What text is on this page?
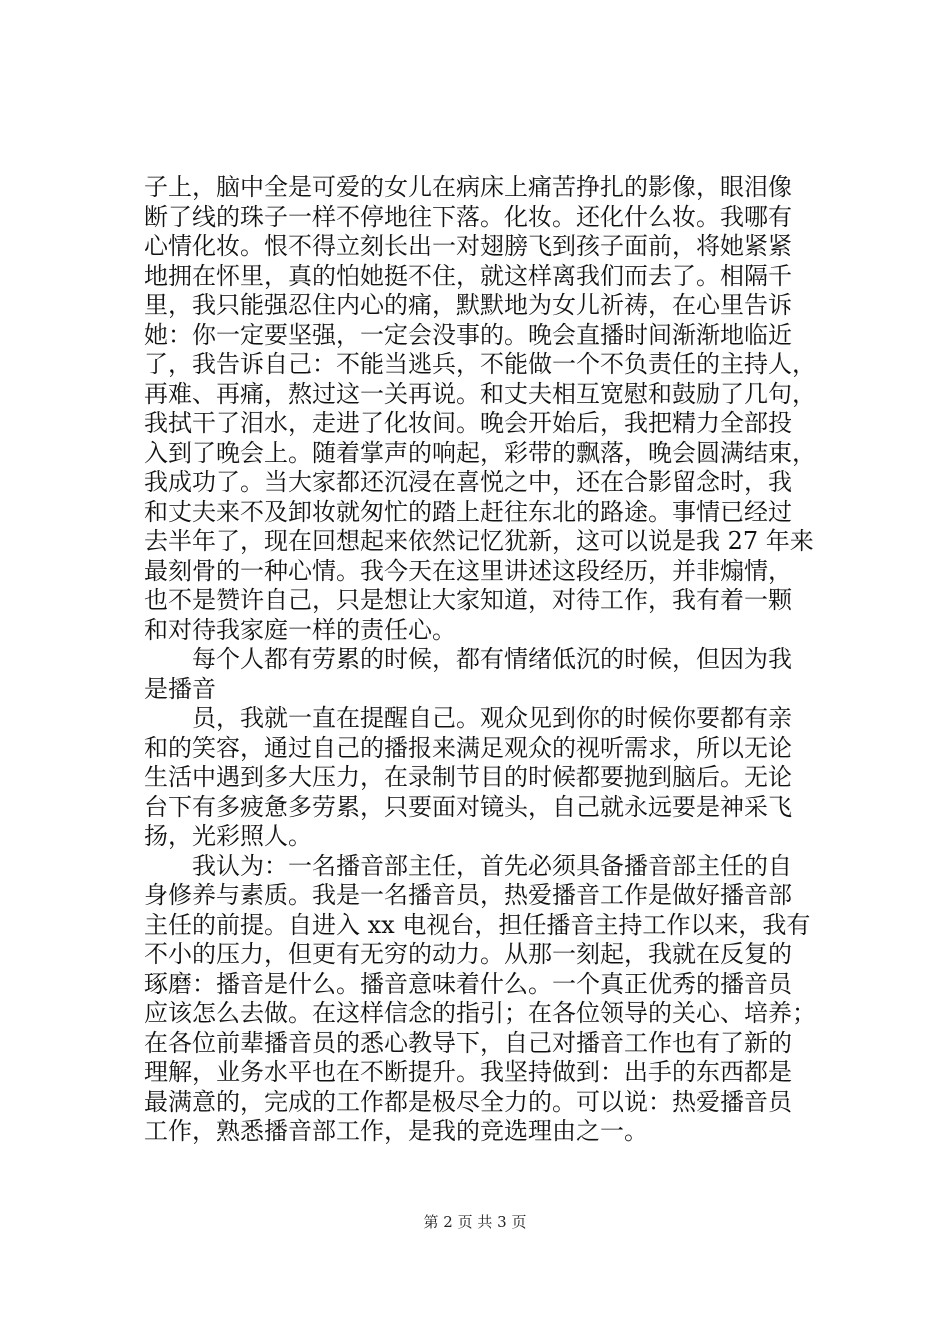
子上，脑中全是可爱的女儿在病床上痛苦挣扎的影像，眼泪像
断了线的珠子一样不停地往下落。化妆。还化什么妆。我哪有
心情化妆。恨不得立刻长出一对翅膀飞到孩子面前，将她紧紧
地拥在怀里，真的怕她挺不住，就这样离我们而去了。相隔千
里，我只能强忍住内心的痛，默默地为女儿祈祷，在心里告诉
她：你一定要坚强，一定会没事的。晚会直播时间渐渐地临近
了，我告诉自己：不能当逃兵，不能做一个不负责任的主持人，
再难、再痛，熬过这一关再说。和丈夫相互宽慰和鼓励了几句，
我拭干了泪水，走进了化妆间。晚会开始后，我把精力全部投
入到了晚会上。随着掌声的响起，彩带的飘落，晚会圆满结束，
我成功了。当大家都还沉浸在喜悦之中，还在合影留念时，我
和丈夫来不及卸妆就匆忙的踏上赶往东北的路途。事情已经过
去半年了，现在回想起来依然记忆犹新，这可以说是我 27 年来
最刻骨的一种心情。我今天在这里讲述这段经历，并非煽情，
也不是赞许自己，只是想让大家知道，对待工作，我有着一颗
和对待我家庭一样的责任心。
每个人都有劳累的时候，都有情绪低沉的时候，但因为我
是播音
员，我就一直在提醒自己。观众见到你的时候你要都有亲
和的笑容，通过自己的播报来满足观众的视听需求，所以无论
生活中遇到多大压力，在录制节目的时候都要抛到脑后。无论
台下有多疲惫多劳累，只要面对镜头，自己就永远要是神采飞
扬，光彩照人。
我认为：一名播音部主任，首先必须具备播音部主任的自
身修养与素质。我是一名播音员，热爱播音工作是做好播音部
主任的前提。自进入 xx 电视台，担任播音主持工作以来，我有
不小的压力，但更有无穷的动力。从那一刻起，我就在反复的
琢磨：播音是什么。播音意味着什么。一个真正优秀的播音员
应该怎么去做。在这样信念的指引；在各位领导的关心、培养；
在各位前辈播音员的悉心教导下，自己对播音工作也有了新的
理解，业务水平也在不断提升。我坚持做到：出手的东西都是
最满意的，完成的工作都是极尽全力的。可以说：热爱播音员
工作，熟悉播音部工作，是我的竞选理由之一。
第 2 页 共 3 页
